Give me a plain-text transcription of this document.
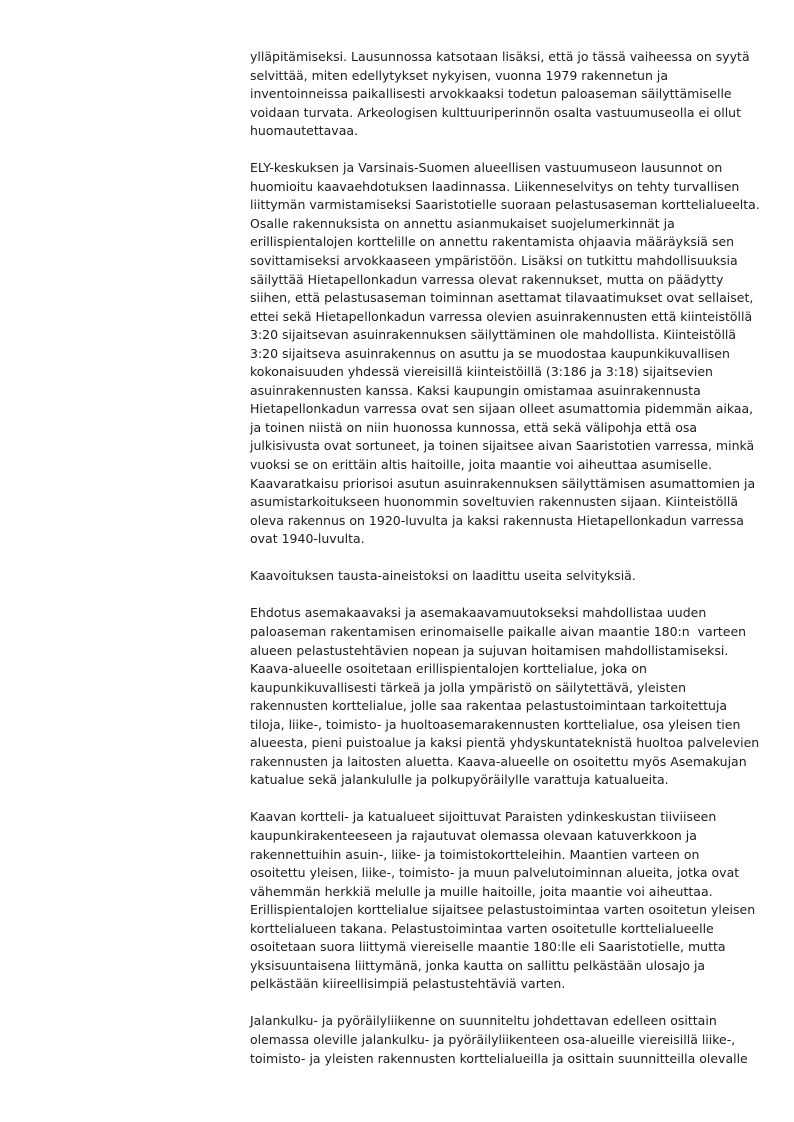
ylläpitämiseksi. Lausunnossa katsotaan lisäksi, että jo tässä vaiheessa on syytä
selvittää, miten edellytykset nykyisen, vuonna 1979 rakennetun ja
inventoinneissa paikallisesti arvokkaaksi todetun paloaseman säilyttämiselle
voidaan turvata. Arkeologisen kulttuuriperinnön osalta vastuumuseolla ei ollut
huomautettavaa.
ELY-keskuksen ja Varsinais-Suomen alueellisen vastuumuseon lausunnot on
huomioitu kaavaehdotuksen laadinnassa. Liikenneselvitys on tehty turvallisen
liittymän varmistamiseksi Saaristotielle suoraan pelastusaseman korttelialueelta.
Osalle rakennuksista on annettu asianmukaiset suojelumerkinnät ja
erillispientalojen korttelille on annettu rakentamista ohjaavia määräyksiä sen
sovittamiseksi arvokkaaseen ympäristöön. Lisäksi on tutkittu mahdollisuuksia
säilyttää Hietapellonkadun varressa olevat rakennukset, mutta on päädytty
siihen, että pelastusaseman toiminnan asettamat tilavaatimukset ovat sellaiset,
ettei sekä Hietapellonkadun varressa olevien asuinrakennusten että kiinteistöllä
3:20 sijaitsevan asuinrakennuksen säilyttäminen ole mahdollista. Kiinteistöllä
3:20 sijaitseva asuinrakennus on asuttu ja se muodostaa kaupunkikuvallisen
kokonaisuuden yhdessä viereisillä kiinteistöillä (3:186 ja 3:18) sijaitsevien
asuinrakennusten kanssa. Kaksi kaupungin omistamaa asuinrakennusta
Hietapellonkadun varressa ovat sen sijaan olleet asumattomia pidemmän aikaa,
ja toinen niistä on niin huonossa kunnossa, että sekä välipohja että osa
julkisivusta ovat sortuneet, ja toinen sijaitsee aivan Saaristotien varressa, minkä
vuoksi se on erittäin altis haitoille, joita maantie voi aiheuttaa asumiselle.
Kaavaratkaisu priorisoi asutun asuinrakennuksen säilyttämisen asumattomien ja
asumistarkoitukseen huonommin soveltuvien rakennusten sijaan. Kiinteistöllä
oleva rakennus on 1920-luvulta ja kaksi rakennusta Hietapellonkadun varressa
ovat 1940-luvulta.
Kaavoituksen tausta-aineistoksi on laadittu useita selvityksiä.
Ehdotus asemakaavaksi ja asemakaavamuutokseksi mahdollistaa uuden
paloaseman rakentamisen erinomaiselle paikalle aivan maantie 180:n  varteen
alueen pelastustehtävien nopean ja sujuvan hoitamisen mahdollistamiseksi.
Kaava-alueelle osoitetaan erillispientalojen korttelialue, joka on
kaupunkikuvallisesti tärkeä ja jolla ympäristö on säilytettävä, yleisten
rakennusten korttelialue, jolle saa rakentaa pelastustoimintaan tarkoitettuja
tiloja, liike-, toimisto- ja huoltoasemarakennusten korttelialue, osa yleisen tien
alueesta, pieni puistoalue ja kaksi pientä yhdyskuntateknistä huoltoa palvelevien
rakennusten ja laitosten aluetta. Kaava-alueelle on osoitettu myös Asemakujan
katualue sekä jalankululle ja polkupyöräilylle varattuja katualueita.
Kaavan kortteli- ja katualueet sijoittuvat Paraisten ydinkeskustan tiiviiseen
kaupunkirakenteeseen ja rajautuvat olemassa olevaan katuverkkoon ja
rakennettuihin asuin-, liike- ja toimistokortteleihin. Maantien varteen on
osoitettu yleisen, liike-, toimisto- ja muun palvelutoiminnan alueita, jotka ovat
vähemmän herkkiä melulle ja muille haitoille, joita maantie voi aiheuttaa.
Erillispientalojen korttelialue sijaitsee pelastustoimintaa varten osoitetun yleisen
korttelialueen takana. Pelastustoimintaa varten osoitetulle korttelialueelle
osoitetaan suora liittymä viereiselle maantie 180:lle eli Saaristotielle, mutta
yksisuuntaisena liittymänä, jonka kautta on sallittu pelkästään ulosajo ja
pelkästään kiireellisimpiä pelastustehtäviä varten.
Jalankulku- ja pyöräilyliikenne on suunniteltu johdettavan edelleen osittain
olemassa oleville jalankulku- ja pyöräilyliikenteen osa-alueille viereisillä liike-,
toimisto- ja yleisten rakennusten korttelialueilla ja osittain suunnitteilla olevalle
